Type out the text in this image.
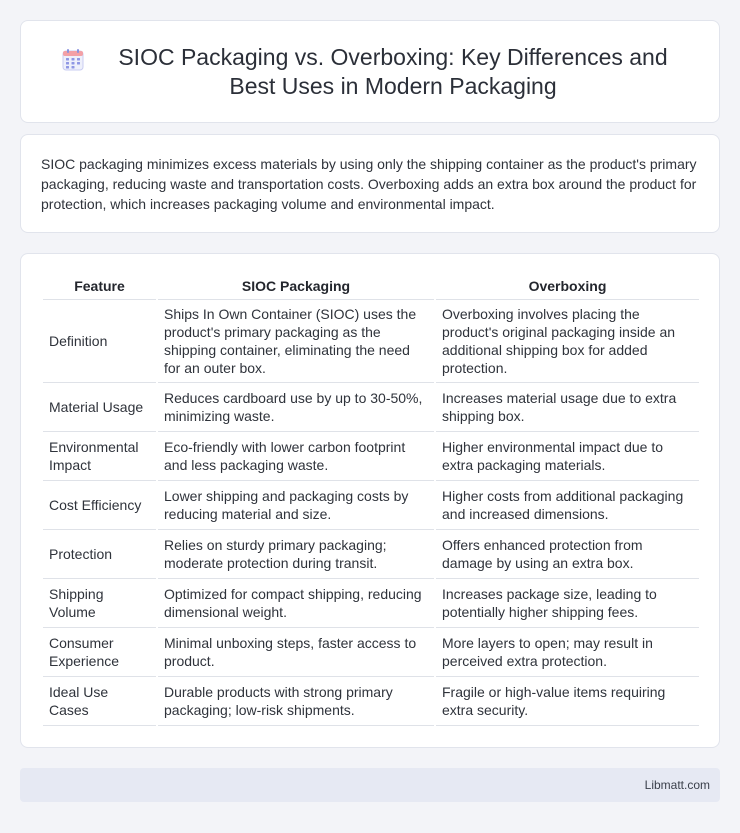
SIOC Packaging vs. Overboxing: Key Differences and Best Uses in Modern Packaging

SIOC packaging minimizes excess materials by using only the shipping container as the product's primary packaging, reducing waste and transportation costs. Overboxing adds an extra box around the product for protection, which increases packaging volume and environmental impact.

Feature	SIOC Packaging	Overboxing
Definition	Ships In Own Container (SIOC) uses the product's primary packaging as the shipping container, eliminating the need for an outer box.	Overboxing involves placing the product's original packaging inside an additional shipping box for added protection.
Material Usage	Reduces cardboard use by up to 30-50%, minimizing waste.	Increases material usage due to extra shipping box.
Environmental Impact	Eco-friendly with lower carbon footprint and less packaging waste.	Higher environmental impact due to extra packaging materials.
Cost Efficiency	Lower shipping and packaging costs by reducing material and size.	Higher costs from additional packaging and increased dimensions.
Protection	Relies on sturdy primary packaging; moderate protection during transit.	Offers enhanced protection from damage by using an extra box.
Shipping Volume	Optimized for compact shipping, reducing dimensional weight.	Increases package size, leading to potentially higher shipping fees.
Consumer Experience	Minimal unboxing steps, faster access to product.	More layers to open; may result in perceived extra protection.
Ideal Use Cases	Durable products with strong primary packaging; low-risk shipments.	Fragile or high-value items requiring extra security.
Libmatt.com
